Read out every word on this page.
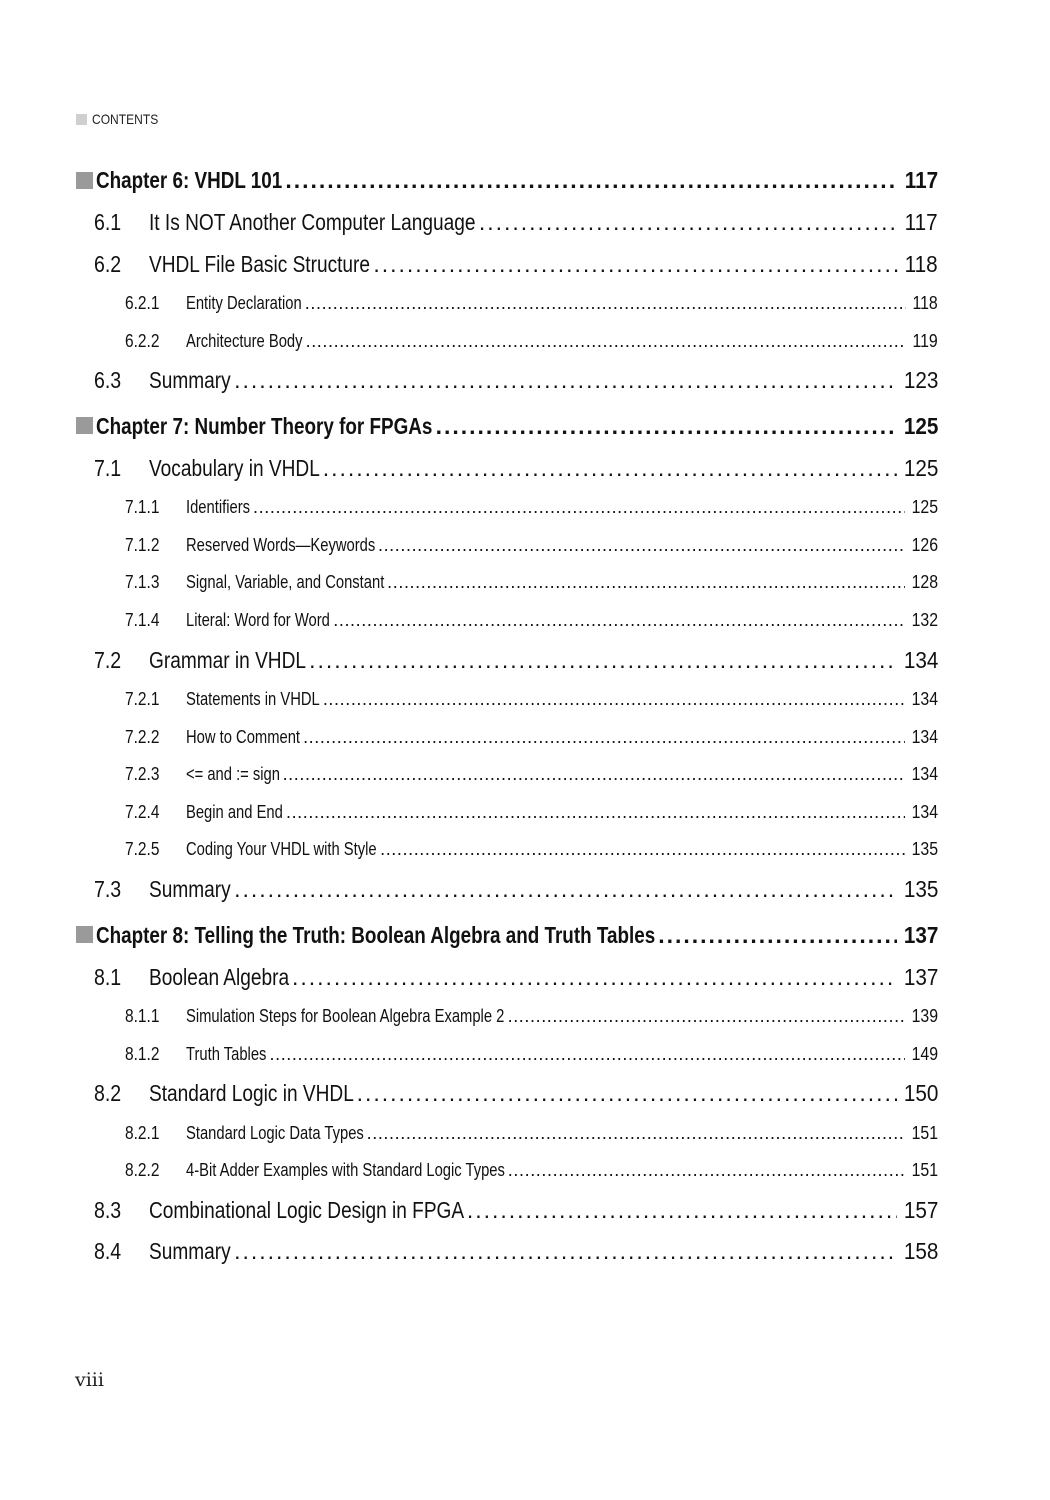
CONTENTS
Chapter 6: VHDL 101 . . .	117
6.1	It Is NOT Another Computer Language . . .	117
6.2	VHDL File Basic Structure . . .	118
6.2.1	Entity Declaration . . .	118
6.2.2	Architecture Body . . .	119
6.3	Summary . . .	123
Chapter 7: Number Theory for FPGAs . . .	125
7.1	Vocabulary in VHDL . . .	125
7.1.1	Identifiers . . .	125
7.1.2	Reserved Words—Keywords . . .	126
7.1.3	Signal, Variable, and Constant . . .	128
7.1.4	Literal: Word for Word . . .	132
7.2	Grammar in VHDL . . .	134
7.2.1	Statements in VHDL . . .	134
7.2.2	How to Comment . . .	134
7.2.3	<= and := sign . . .	134
7.2.4	Begin and End . . .	134
7.2.5	Coding Your VHDL with Style . . .	135
7.3	Summary . . .	135
Chapter 8: Telling the Truth: Boolean Algebra and Truth Tables . . .	137
8.1	Boolean Algebra . . .	137
8.1.1	Simulation Steps for Boolean Algebra Example 2 . . .	139
8.1.2	Truth Tables . . .	149
8.2	Standard Logic in VHDL . . .	150
8.2.1	Standard Logic Data Types . . .	151
8.2.2	4-Bit Adder Examples with Standard Logic Types . . .	151
8.3	Combinational Logic Design in FPGA . . .	157
8.4	Summary . . .	158
viii
